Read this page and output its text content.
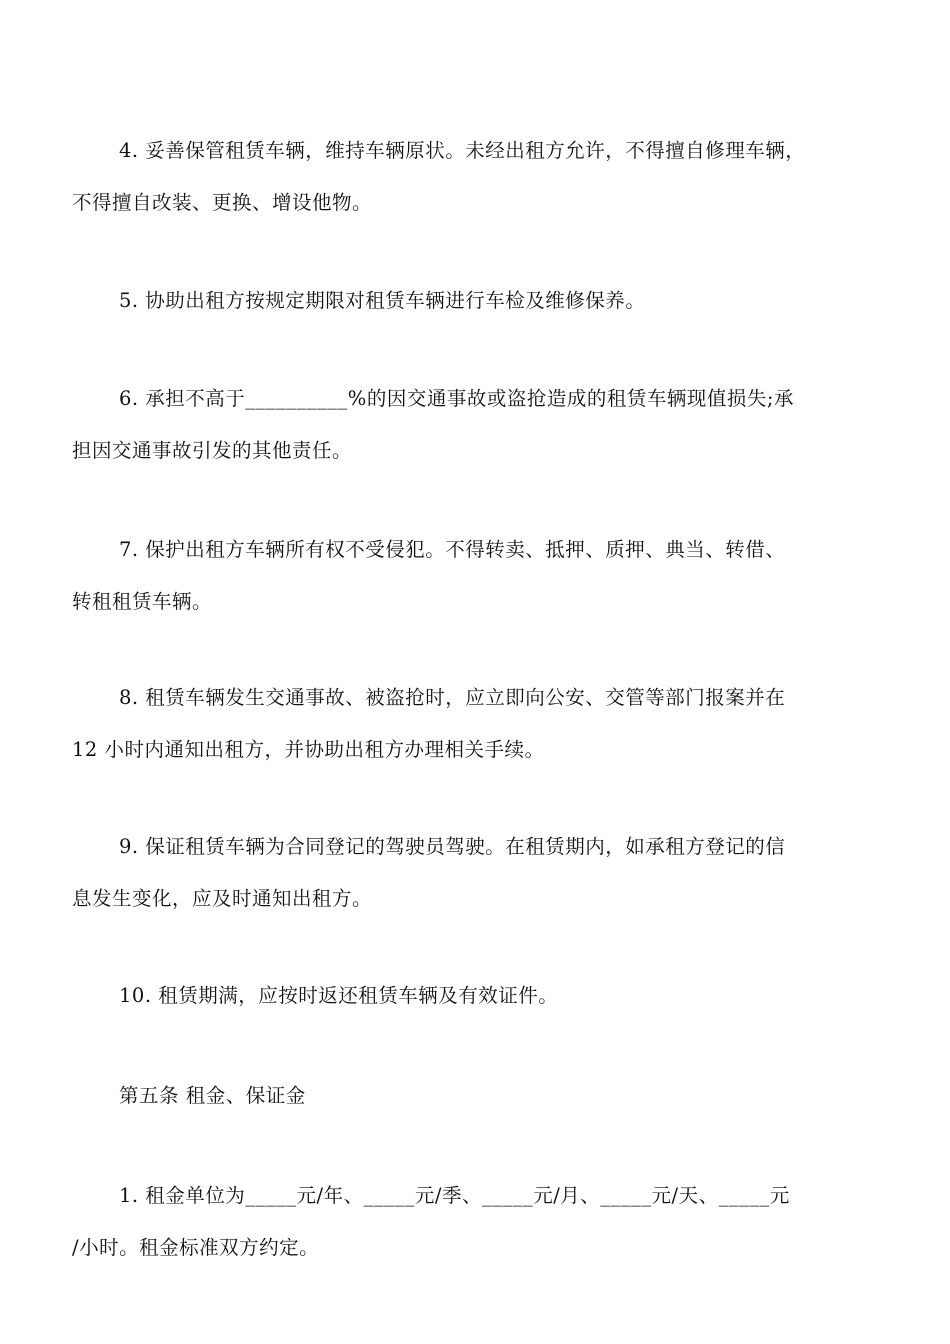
4. 妥善保管租赁车辆，维持车辆原状。未经出租方允许，不得擅自修理车辆，
不得擅自改装、更换、增设他物。
5. 协助出租方按规定期限对租赁车辆进行车检及维修保养。
6. 承担不高于__________%的因交通事故或盗抢造成的租赁车辆现值损失;承
担因交通事故引发的其他责任。
7. 保护出租方车辆所有权不受侵犯。不得转卖、抵押、质押、典当、转借、
转租租赁车辆。
8. 租赁车辆发生交通事故、被盗抢时，应立即向公安、交管等部门报案并在
12 小时内通知出租方，并协助出租方办理相关手续。
9. 保证租赁车辆为合同登记的驾驶员驾驶。在租赁期内，如承租方登记的信
息发生变化，应及时通知出租方。
10. 租赁期满，应按时返还租赁车辆及有效证件。
第五条 租金、保证金
1. 租金单位为_____元/年、_____元/季、_____元/月、_____元/天、_____元
/小时。租金标准双方约定。
